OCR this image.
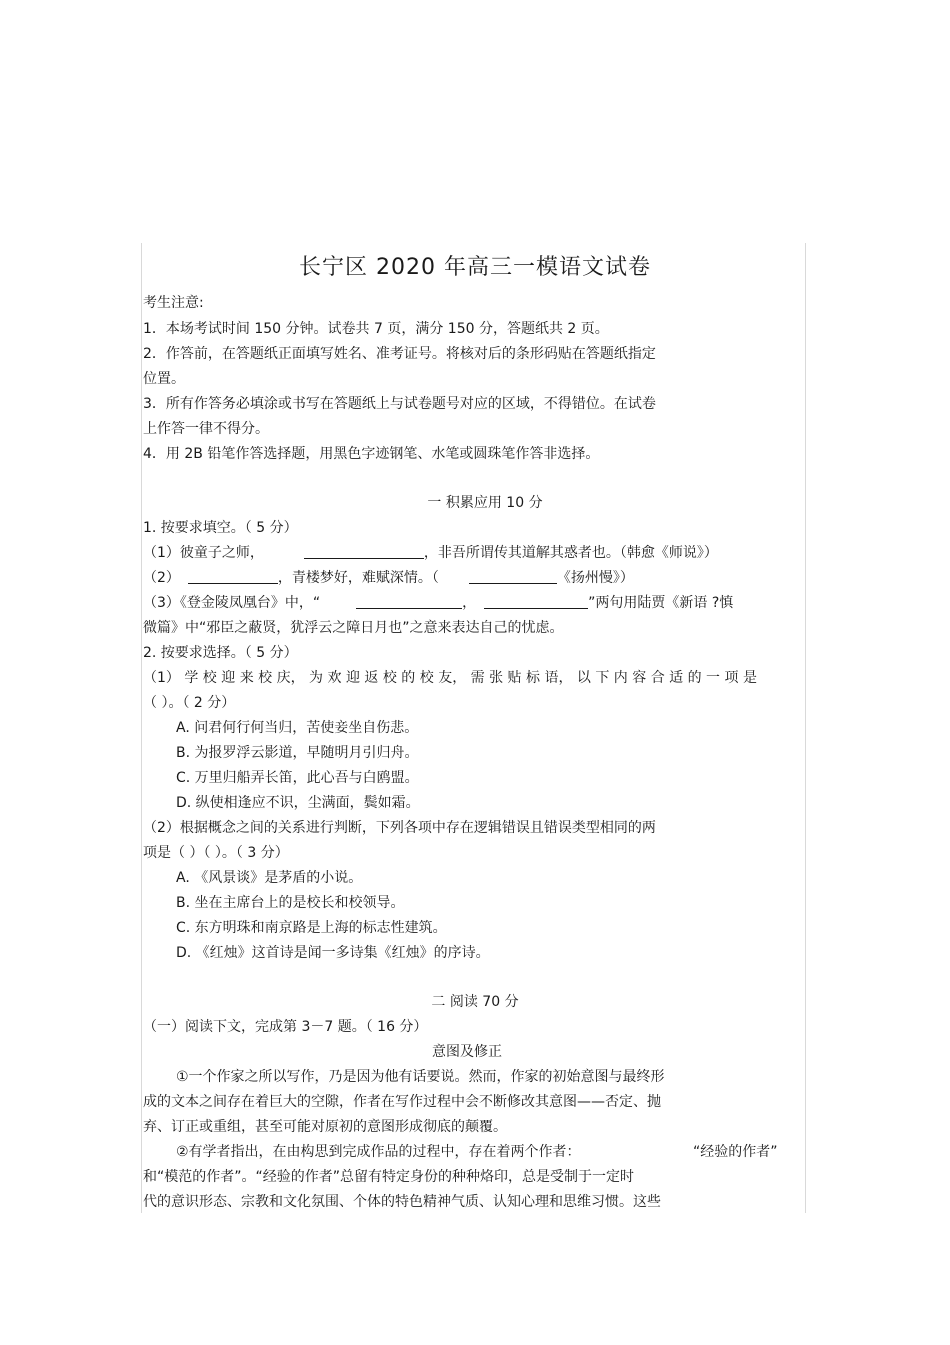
长宁区 2020 年高三一模语文试卷
考生注意:
1．本场考试时间 150 分钟。试卷共 7 页，满分 150 分，答题纸共 2 页。
2．作答前，在答题纸正面填写姓名、准考证号。将核对后的条形码贴在答题纸指定
位置。
3．所有作答务必填涂或书写在答题纸上与试卷题号对应的区域，不得错位。在试卷
上作答一律不得分。
4．用 2B 铅笔作答选择题，用黑色字迹钢笔、水笔或圆珠笔作答非选择。
一 积累应用 10 分
1. 按要求填空。（ 5 分）
（1）彼童子之师，	，非吾所谓传其道解其惑者也。（韩愈《师说》）
（2）	，青楼梦好，难赋深情。（	《扬州慢》）
（3）《登金陵凤凰台》中，“	，	”两句用陆贾《新语 ?慎
微篇》中“邪臣之蔽贤，犹浮云之障日月也”之意来表达自己的忧虑。
2. 按要求选择。（ 5 分）
（1） 学 校 迎 来 校 庆， 为 欢 迎 返 校 的 校 友， 需 张 贴 标 语， 以 下 内 容 合 适 的 一 项 是
（ ）。（ 2 分）
A. 问君何行何当归，苦使妾坐自伤悲。
B. 为报罗浮云影道，早随明月引归舟。
C. 万里归船弄长笛，此心吾与白鸥盟。
D. 纵使相逢应不识，尘满面，鬓如霜。
（2）根据概念之间的关系进行判断，下列各项中存在逻辑错误且错误类型相同的两
项是（ ）（ ）。（ 3 分）
A. 《风景谈》是茅盾的小说。
B. 坐在主席台上的是校长和校领导。
C. 东方明珠和南京路是上海的标志性建筑。
D. 《红烛》这首诗是闻一多诗集《红烛》的序诗。
二 阅读 70 分
（一）阅读下文，完成第 3－7 题。（ 16 分）
意图及修正
①一个作家之所以写作，乃是因为他有话要说。然而，作家的初始意图与最终形
成的文本之间存在着巨大的空隙，作者在写作过程中会不断修改其意图——否定、抛
弃、订正或重组，甚至可能对原初的意图形成彻底的颠覆。
②有学者指出，在由构思到完成作品的过程中，存在着两个作者：	“经验的作者”
和“模范的作者”。“经验的作者”总留有特定身份的种种烙印，总是受制于一定时
代的意识形态、宗教和文化氛围、个体的特色精神气质、认知心理和思维习惯。这些
